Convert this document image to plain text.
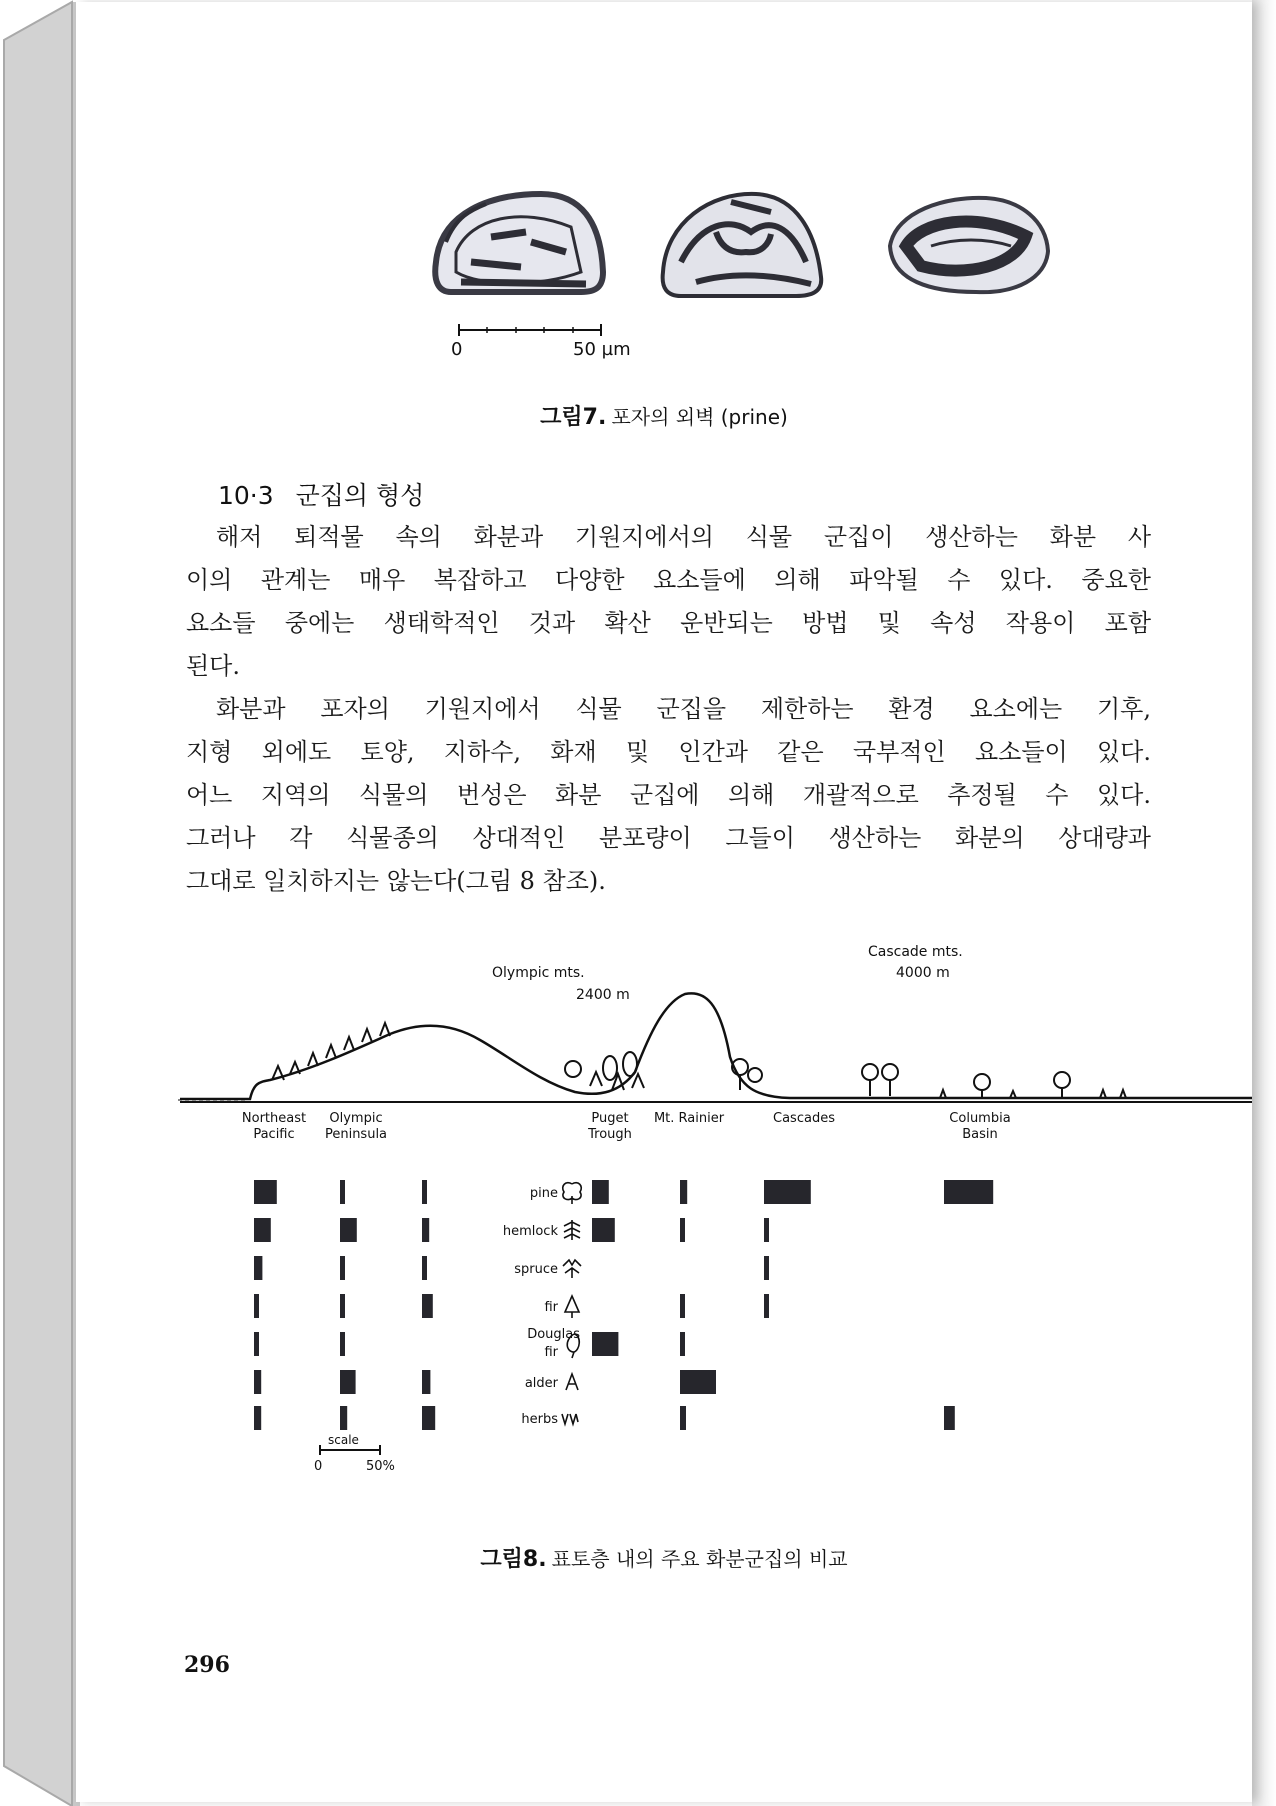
0	50 µm
그림7. 포자의 외벽 (prine)
10·3 군집의 형성
해저 퇴적물 속의 화분과 기원지에서의 식물 군집이 생산하는 화분 사
이의 관계는 매우 복잡하고 다양한 요소들에 의해 파악될 수 있다. 중요한
요소들 중에는 생태학적인 것과 확산 운반되는 방법 및 속성 작용이 포함
된다.
화분과 포자의 기원지에서 식물 군집을 제한하는 환경 요소에는 기후,
지형 외에도 토양, 지하수, 화재 및 인간과 같은 국부적인 요소들이 있다.
어느 지역의 식물의 번성은 화분 군집에 의해 개괄적으로 추정될 수 있다.
그러나 각 식물종의 상대적인 분포량이 그들이 생산하는 화분의 상대량과
그대로 일치하지는 않는다(그림 8 참조).
Olympic mts.
2400 m
Cascade mts.
4000 m
Northeast Pacific
Olympic Peninsula
Puget Trough
Mt. Rainier	Cascades	Columbia Basin
pine
hemlock
spruce
fir
Douglas fir
alder
herbs
scale
0	50%
그림8. 표토층 내의 주요 화분군집의 비교
296
